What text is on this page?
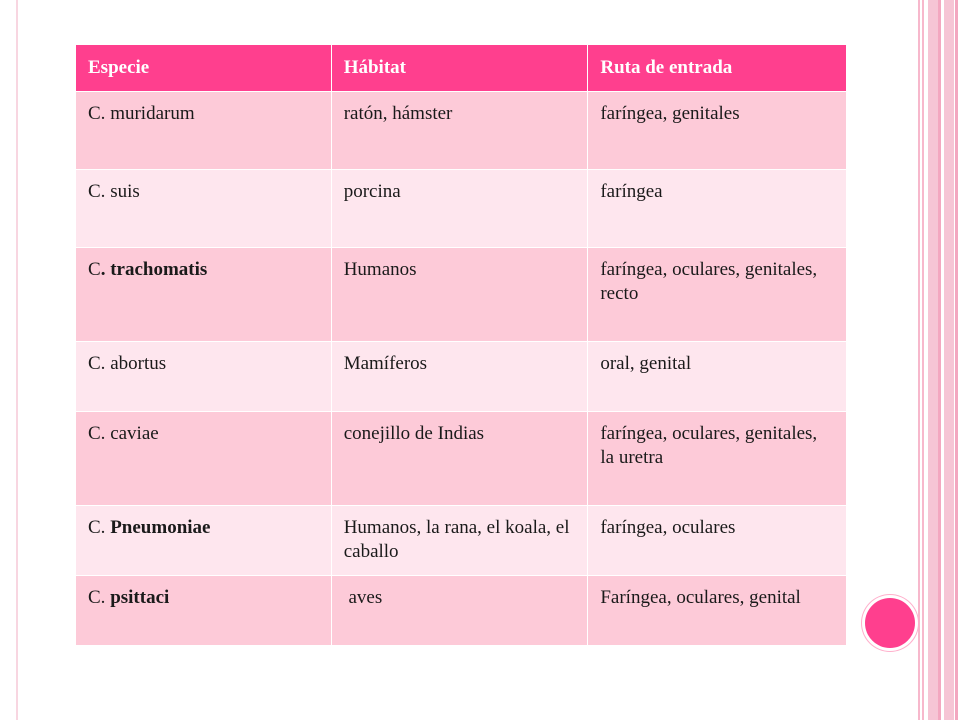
Especie	Hábitat	Ruta de entrada

C. muridarum	ratón, hámster	faríngea, genitales

C. suis	porcina	faríngea

C. trachomatis	Humanos	faríngea, oculares, genitales, recto

C. abortus	Mamíferos	oral, genital

C. caviae	conejillo de Indias	faríngea, oculares, genitales, la uretra

C. Pneumoniae	Humanos, la rana, el koala, el caballo	faríngea, oculares

C. psittaci	aves	Faríngea, oculares, genital
